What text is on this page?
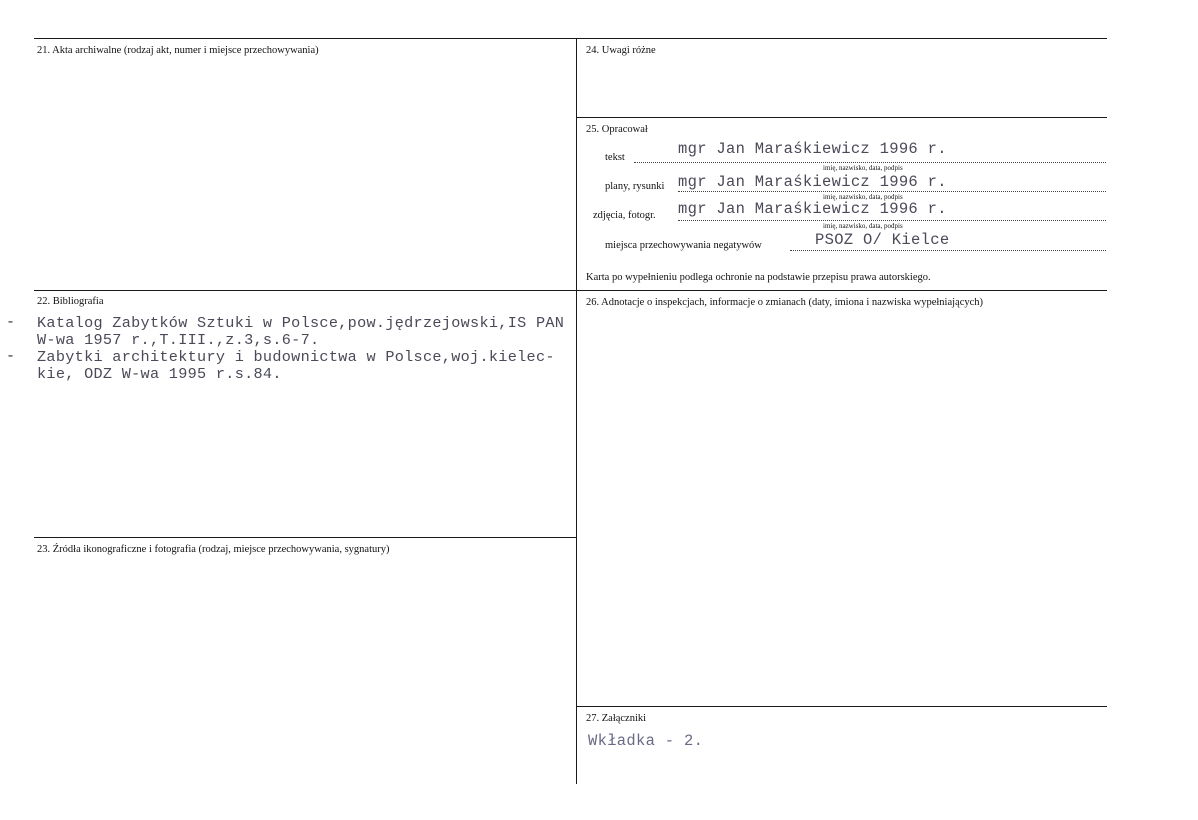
21. Akta archiwalne (rodzaj akt, numer i miejsce przechowywania)
22. Bibliografia
- Katalog Zabytków Sztuki w Polsce,pow.jędrzejowski,IS PAN
W-wa 1957 r.,T.III.,z.3,s.6-7.
- Zabytki architektury i budownictwa w Polsce,woj.kielec-
kie, ODZ W-wa 1995 r.s.84.
23. Źródła ikonograficzne i fotografia (rodzaj, miejsce przechowywania, sygnatury)
24. Uwagi różne
25. Opracował
tekst	mgr Jan Maraśkiewicz 1996 r.
imię, nazwisko, data, podpis
plany, rysunki mgr Jan Maraśkiewicz 1996 r.
imię, nazwisko, data, podpis
zdjęcia, fotogr. mgr Jan Maraśkiewicz 1996 r.
imię, nazwisko, data, podpis
miejsca przechowywania negatywów	PSOZ O/ Kielce
Karta po wypełnieniu podlega ochronie na podstawie przepisu prawa autorskiego.
26. Adnotacje o inspekcjach, informacje o zmianach (daty, imiona i nazwiska wypełniających)
27. Załączniki
Wkładka - 2.
